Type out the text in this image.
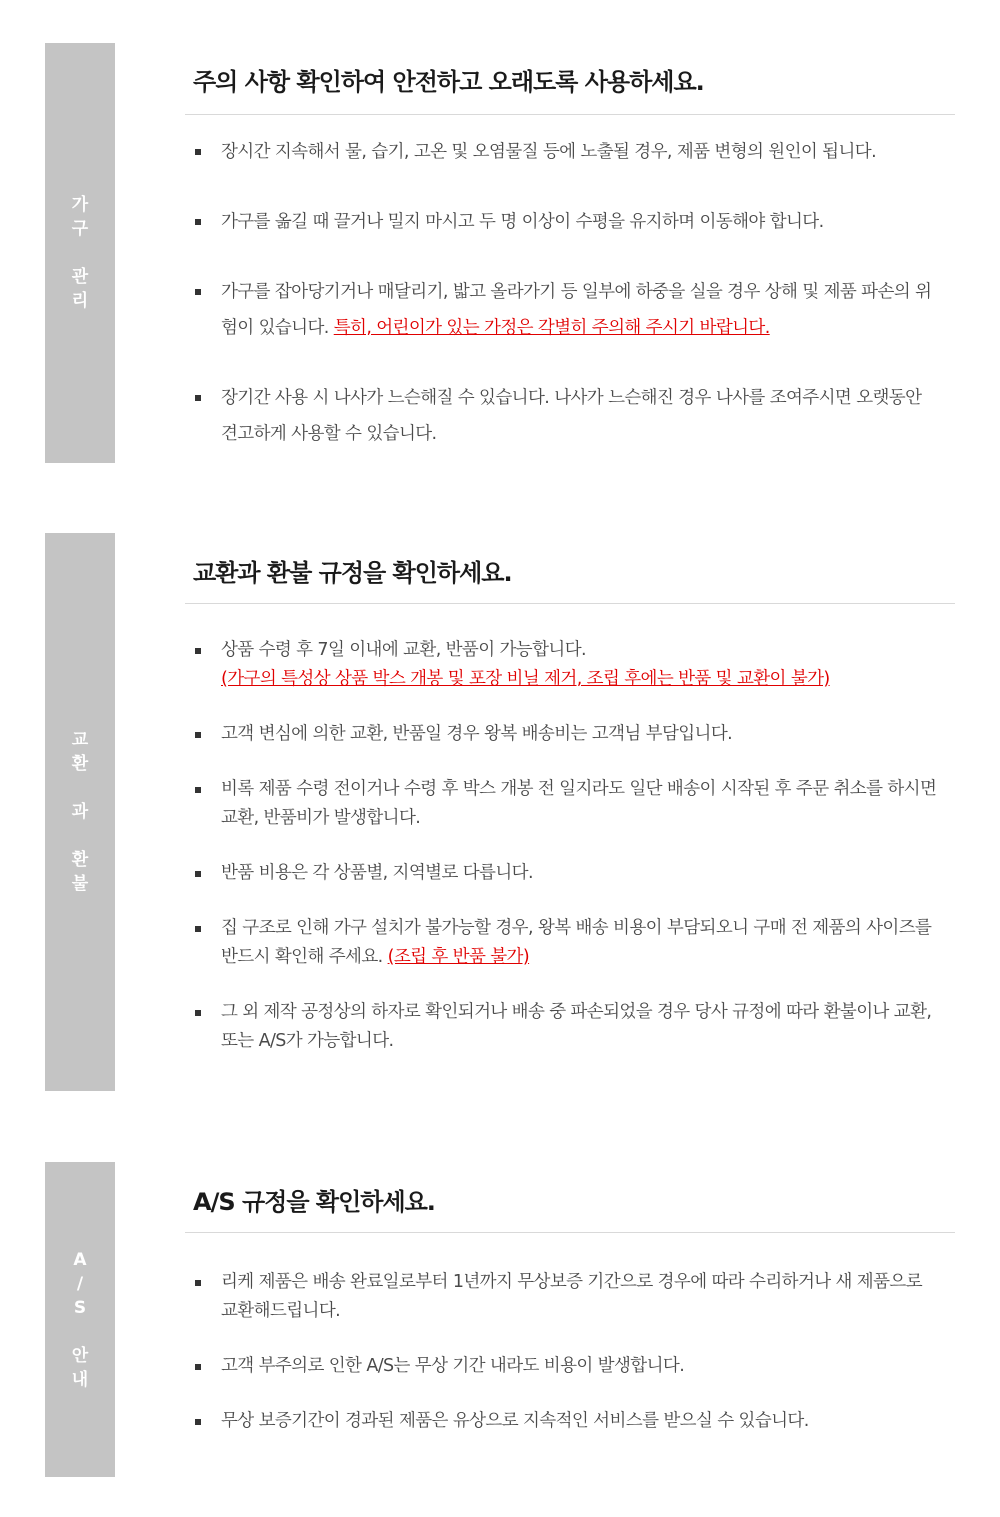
가
구
관
리
주의 사항 확인하여 안전하고 오래도록 사용하세요.
장시간 지속해서 물, 습기, 고온 및 오염물질 등에 노출될 경우, 제품 변형의 원인이 됩니다.
가구를 옮길 때 끌거나 밀지 마시고 두 명 이상이 수평을 유지하며 이동해야 합니다.
가구를 잡아당기거나 매달리기, 밟고 올라가기 등 일부에 하중을 실을 경우 상해 및 제품 파손의 위험이 있습니다. 특히, 어린이가 있는 가정은 각별히 주의해 주시기 바랍니다.
장기간 사용 시 나사가 느슨해질 수 있습니다. 나사가 느슨해진 경우 나사를 조여주시면 오랫동안 견고하게 사용할 수 있습니다.
교
환
과
환
불
교환과 환불 규정을 확인하세요.
상품 수령 후 7일 이내에 교환, 반품이 가능합니다.
(가구의 특성상 상품 박스 개봉 및 포장 비닐 제거, 조립 후에는 반품 및 교환이 불가)
고객 변심에 의한 교환, 반품일 경우 왕복 배송비는 고객님 부담입니다.
비록 제품 수령 전이거나 수령 후 박스 개봉 전 일지라도 일단 배송이 시작된 후 주문 취소를 하시면 교환, 반품비가 발생합니다.
반품 비용은 각 상품별, 지역별로 다릅니다.
집 구조로 인해 가구 설치가 불가능할 경우, 왕복 배송 비용이 부담되오니 구매 전 제품의 사이즈를 반드시 확인해 주세요. (조립 후 반품 불가)
그 외 제작 공정상의 하자로 확인되거나 배송 중 파손되었을 경우 당사 규정에 따라 환불이나 교환, 또는 A/S가 가능합니다.
A
/
S
안
내
A/S 규정을 확인하세요.
리케 제품은 배송 완료일로부터 1년까지 무상보증 기간으로 경우에 따라 수리하거나 새 제품으로 교환해드립니다.
고객 부주의로 인한 A/S는 무상 기간 내라도 비용이 발생합니다.
무상 보증기간이 경과된 제품은 유상으로 지속적인 서비스를 받으실 수 있습니다.
